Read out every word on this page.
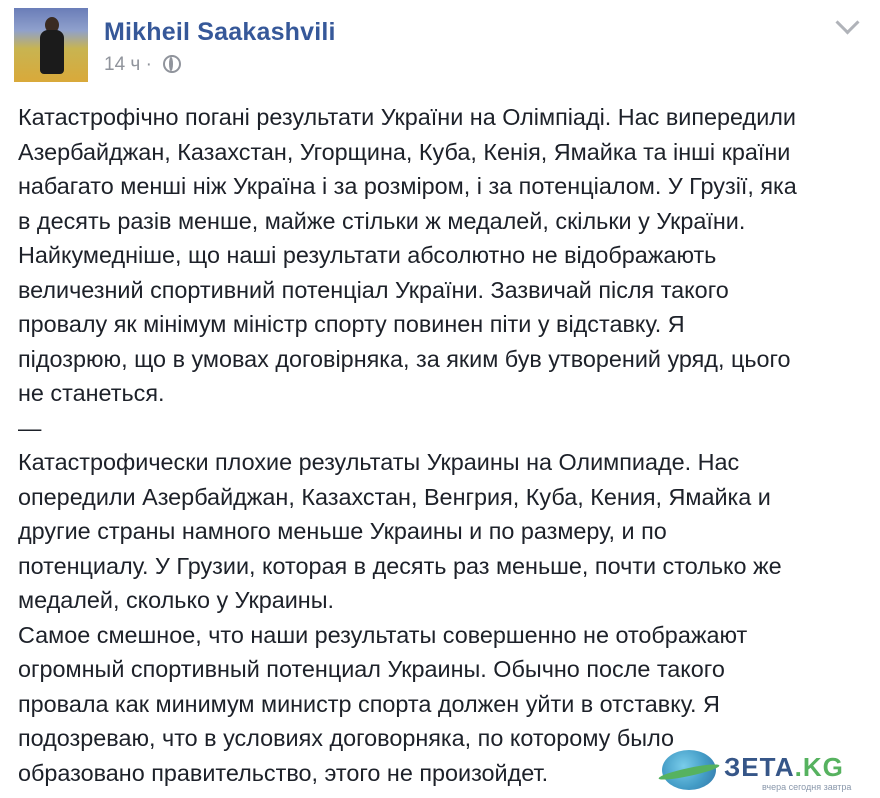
Mikheil Saakashvili
14 ч ·

Катастрофічно погані результати України на Олімпіаді. Нас випередили
Азербайджан, Казахстан, Угорщина, Куба, Кенія, Ямайка та інші країни
набагато менші ніж Україна і за розміром, і за потенціалом. У Грузії, яка
в десять разів менше, майже стільки ж медалей, скільки у України.
Найкумедніше, що наші результати абсолютно не відображають
величезний спортивний потенціал України. Зазвичай після такого
провалу як мінімум міністр спорту повинен піти у відставку. Я
підозрюю, що в умовах договірняка, за яким був утворений уряд, цього
не станеться.

—

Катастрофически плохие результаты Украины на Олимпиаде. Нас
опередили Азербайджан, Казахстан, Венгрия, Куба, Кения, Ямайка и
другие страны намного меньше Украины и по размеру, и по
потенциалу. У Грузии, которая в десять раз меньше, почти столько же
медалей, сколько у Украины.

Самое смешное, что наши результаты совершенно не отображают
огромный спортивный потенциал Украины. Обычно после такого
провала как минимум министр спорта должен уйти в отставку. Я
подозреваю, что в условиях договорняка, по которому было
образовано правительство, этого не произойдет.	ЗЕТА.KG
вчера сегодня завтра
